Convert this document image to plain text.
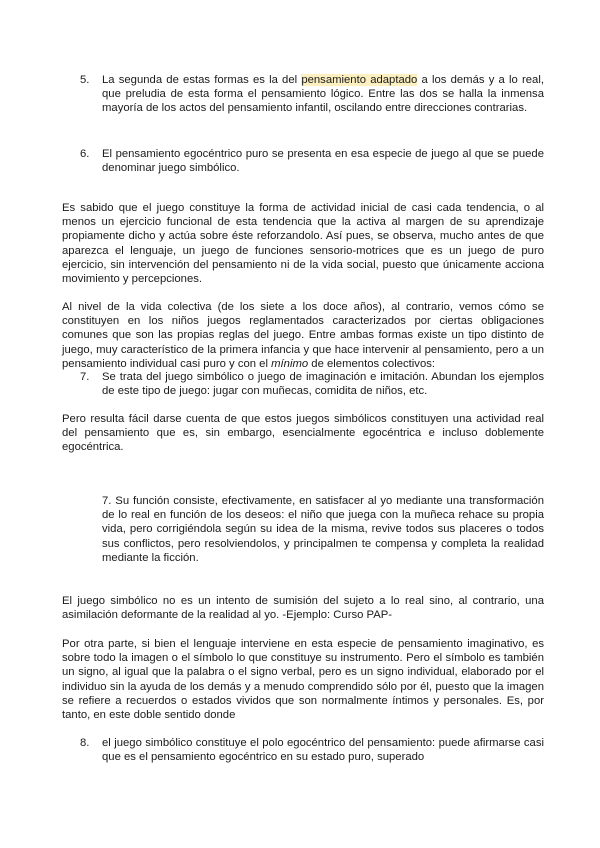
5. La segunda de estas formas es la del pensamiento adaptado a los demás y a lo real, que preludia de esta forma el pensamiento lógico. Entre las dos se halla la inmensa mayoría de los actos del pensamiento infantil, oscilando entre direcciones contrarias.

6. El pensamiento egocéntrico puro se presenta en esa especie de juego al que se puede denominar juego simbólico.

Es sabido que el juego constituye la forma de actividad inicial de casi cada tendencia, o al menos un ejercicio funcional de esta tendencia que la activa al margen de su aprendizaje propiamente dicho y actúa sobre éste reforzandolo. Así pues, se observa, mucho antes de que aparezca el lenguaje, un juego de funciones sensorio-motrices que es un juego de puro ejercicio, sin intervención del pensamiento ni de la vida social, puesto que únicamente acciona movimiento y percepciones.

Al nivel de la vida colectiva (de los siete a los doce años), al contrario, vemos cómo se constituyen en los niños juegos reglamentados caracterizados por ciertas obligaciones comunes que son las propias reglas del juego. Entre ambas formas existe un tipo distinto de juego, muy característico de la primera infancia y que hace intervenir al pensamiento, pero a un pensamiento individual casi puro y con el mínimo de elementos colectivos:

7. Se trata del juego simbólico o juego de imaginación e imitación. Abundan los ejemplos de este tipo de juego: jugar con muñecas, comidita de niños, etc.

Pero resulta fácil darse cuenta de que estos juegos simbólicos constituyen una actividad real del pensamiento que es, sin embargo, esencialmente egocéntrica e incluso doblemente egocéntrica.

7. Su función consiste, efectivamente, en satisfacer al yo mediante una transformación de lo real en función de los deseos: el niño que juega con la muñeca rehace su propia vida, pero corrigiéndola según su idea de la misma, revive todos sus placeres o todos sus conflictos, pero resolviendolos, y principalmen te compensa y completa la realidad mediante la ficción.

El juego simbólico no es un intento de sumisión del sujeto a lo real sino, al contrario, una asimilación deformante de la realidad al yo. -Ejemplo: Curso PAP-

Por otra parte, si bien el lenguaje interviene en esta especie de pensamiento imaginativo, es sobre todo la imagen o el símbolo lo que constituye su instrumento. Pero el símbolo es también un signo, al igual que la palabra o el signo verbal, pero es un signo individual, elaborado por el individuo sin la ayuda de los demás y a menudo comprendido sólo por él, puesto que la imagen se refiere a recuerdos o estados vividos que son normalmente íntimos y personales. Es, por tanto, en este doble sentido donde

8. el juego simbólico constituye el polo egocéntrico del pensamiento: puede afirmarse casi que es el pensamiento egocéntrico en su estado puro, superado
